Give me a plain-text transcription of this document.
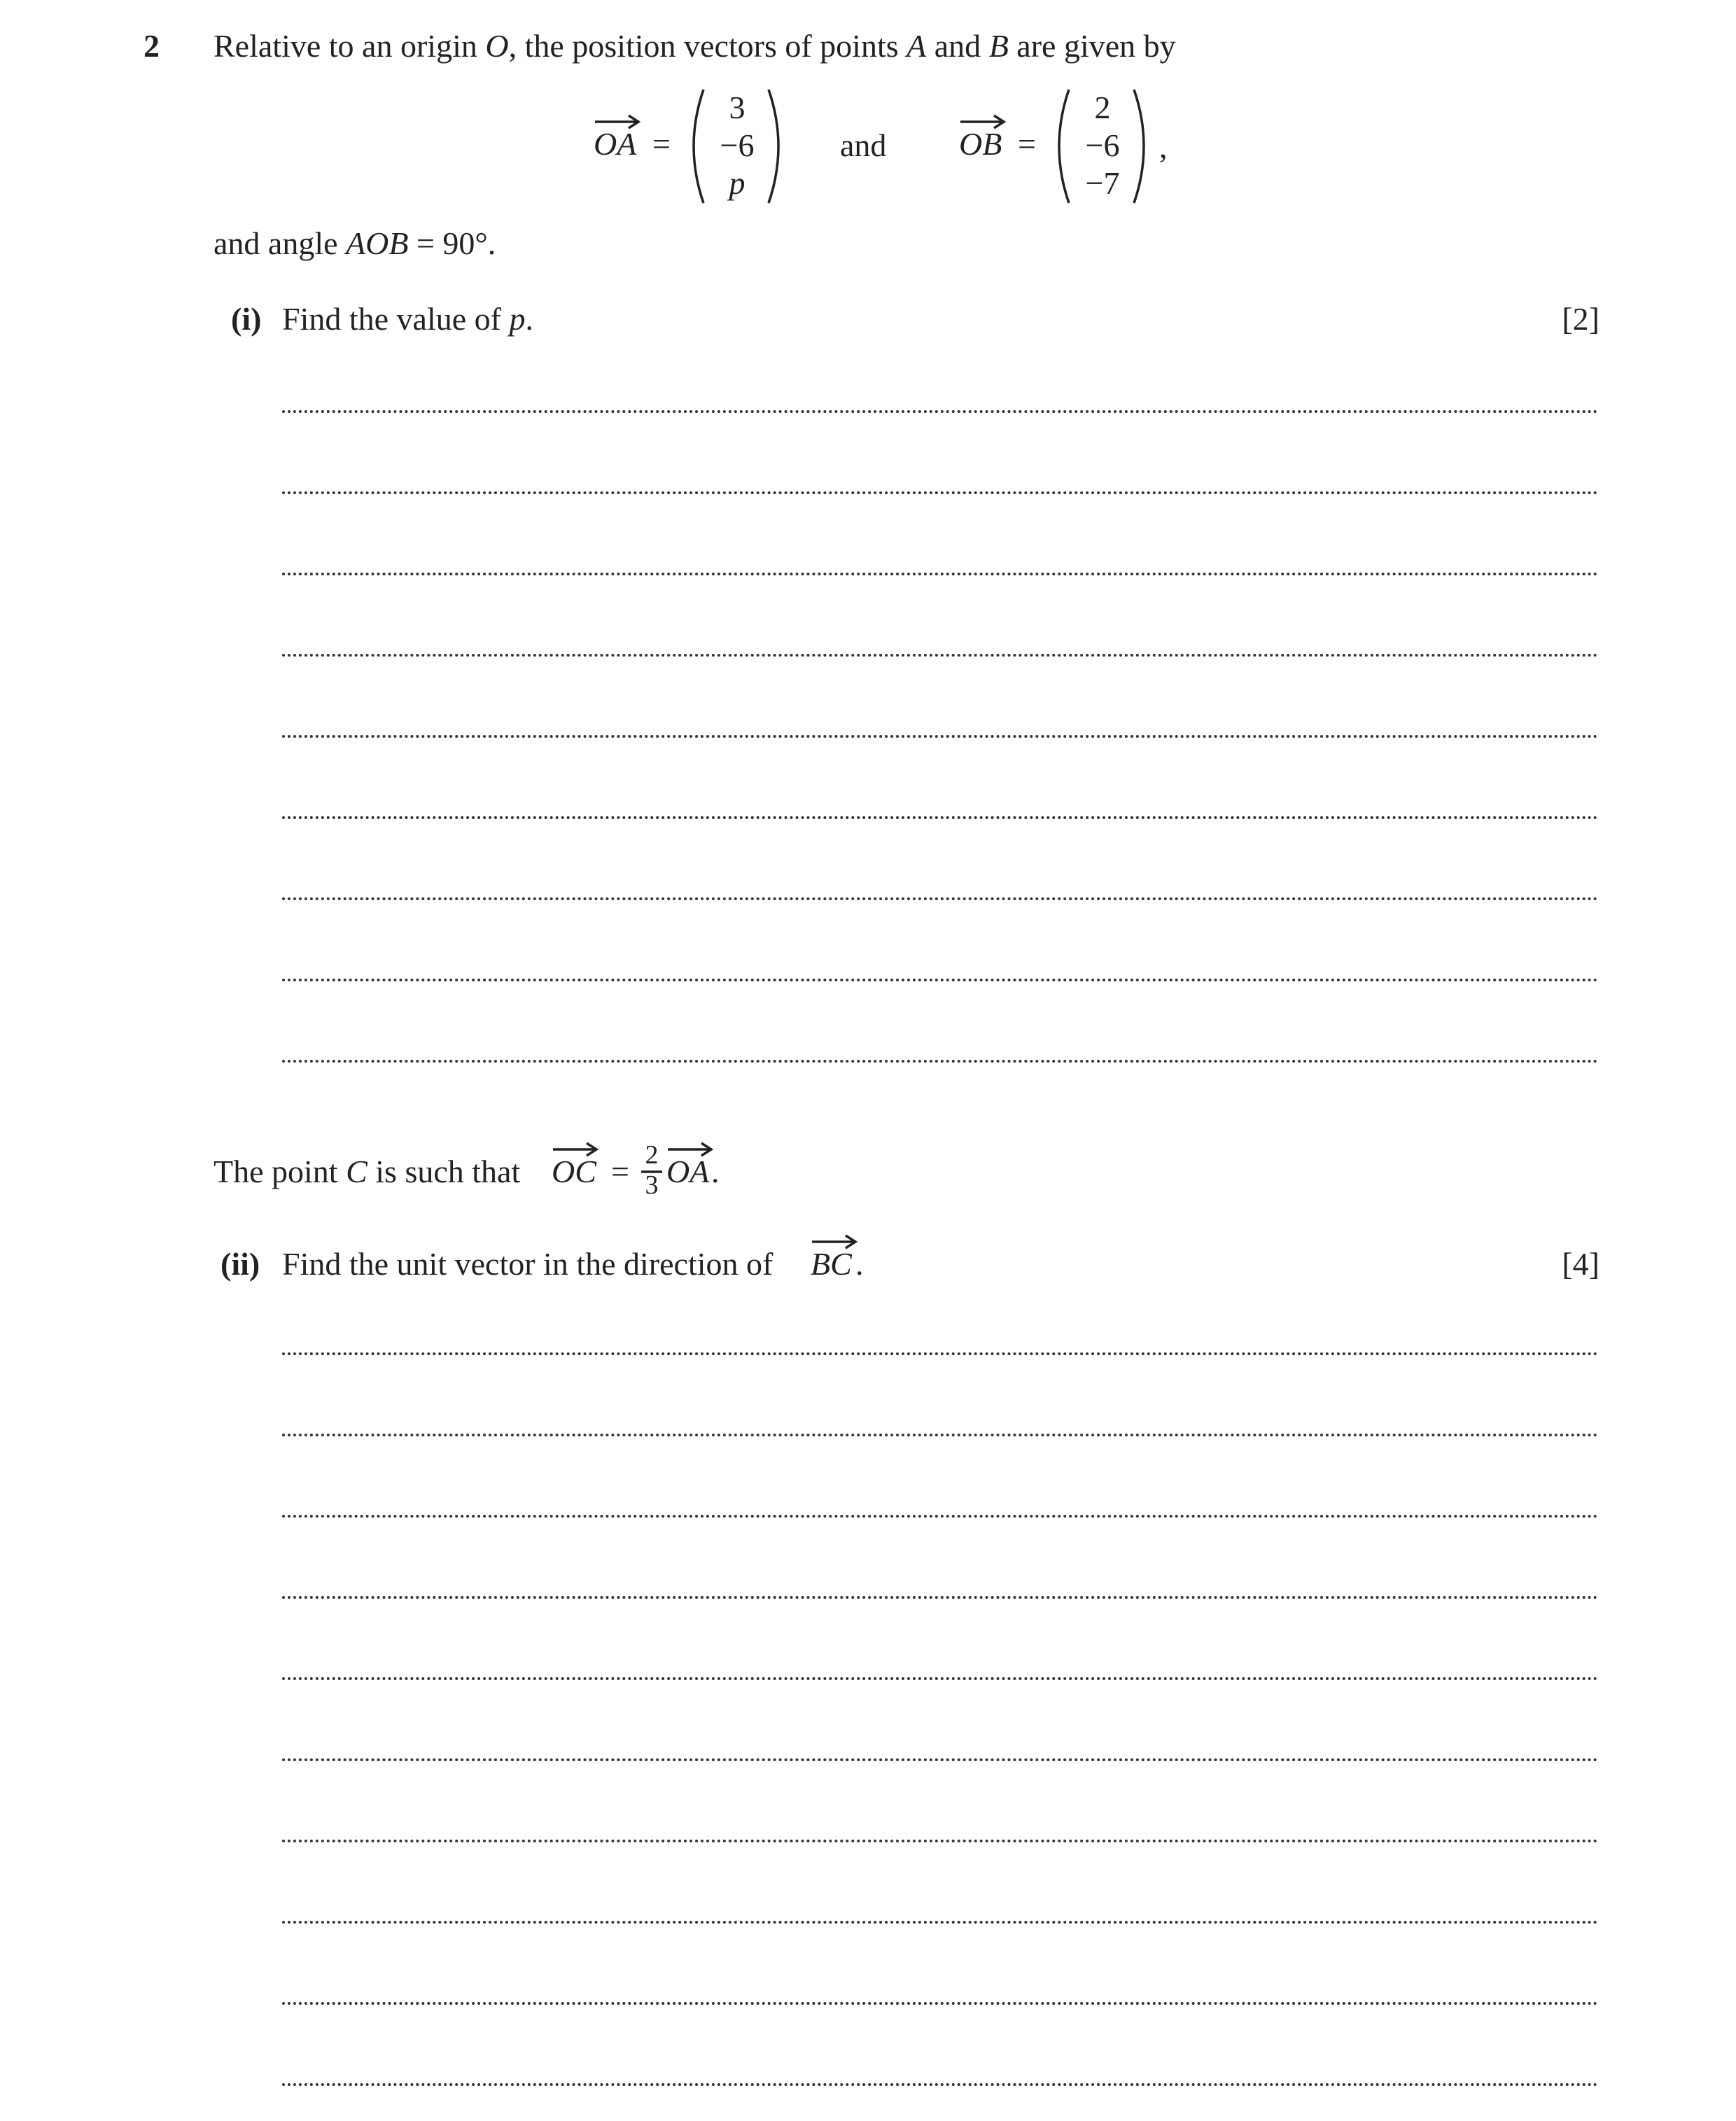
2 Relative to an origin O, the position vectors of points A and B are given by
OA =
3
−6
p
and OB =
2
−6
−7
,
and angle AOB = 90°.
(i) Find the value of p.	[2]
The point C is such that OC = 2
3 OA .
(ii) Find the unit vector in the direction of BC .	[4]
